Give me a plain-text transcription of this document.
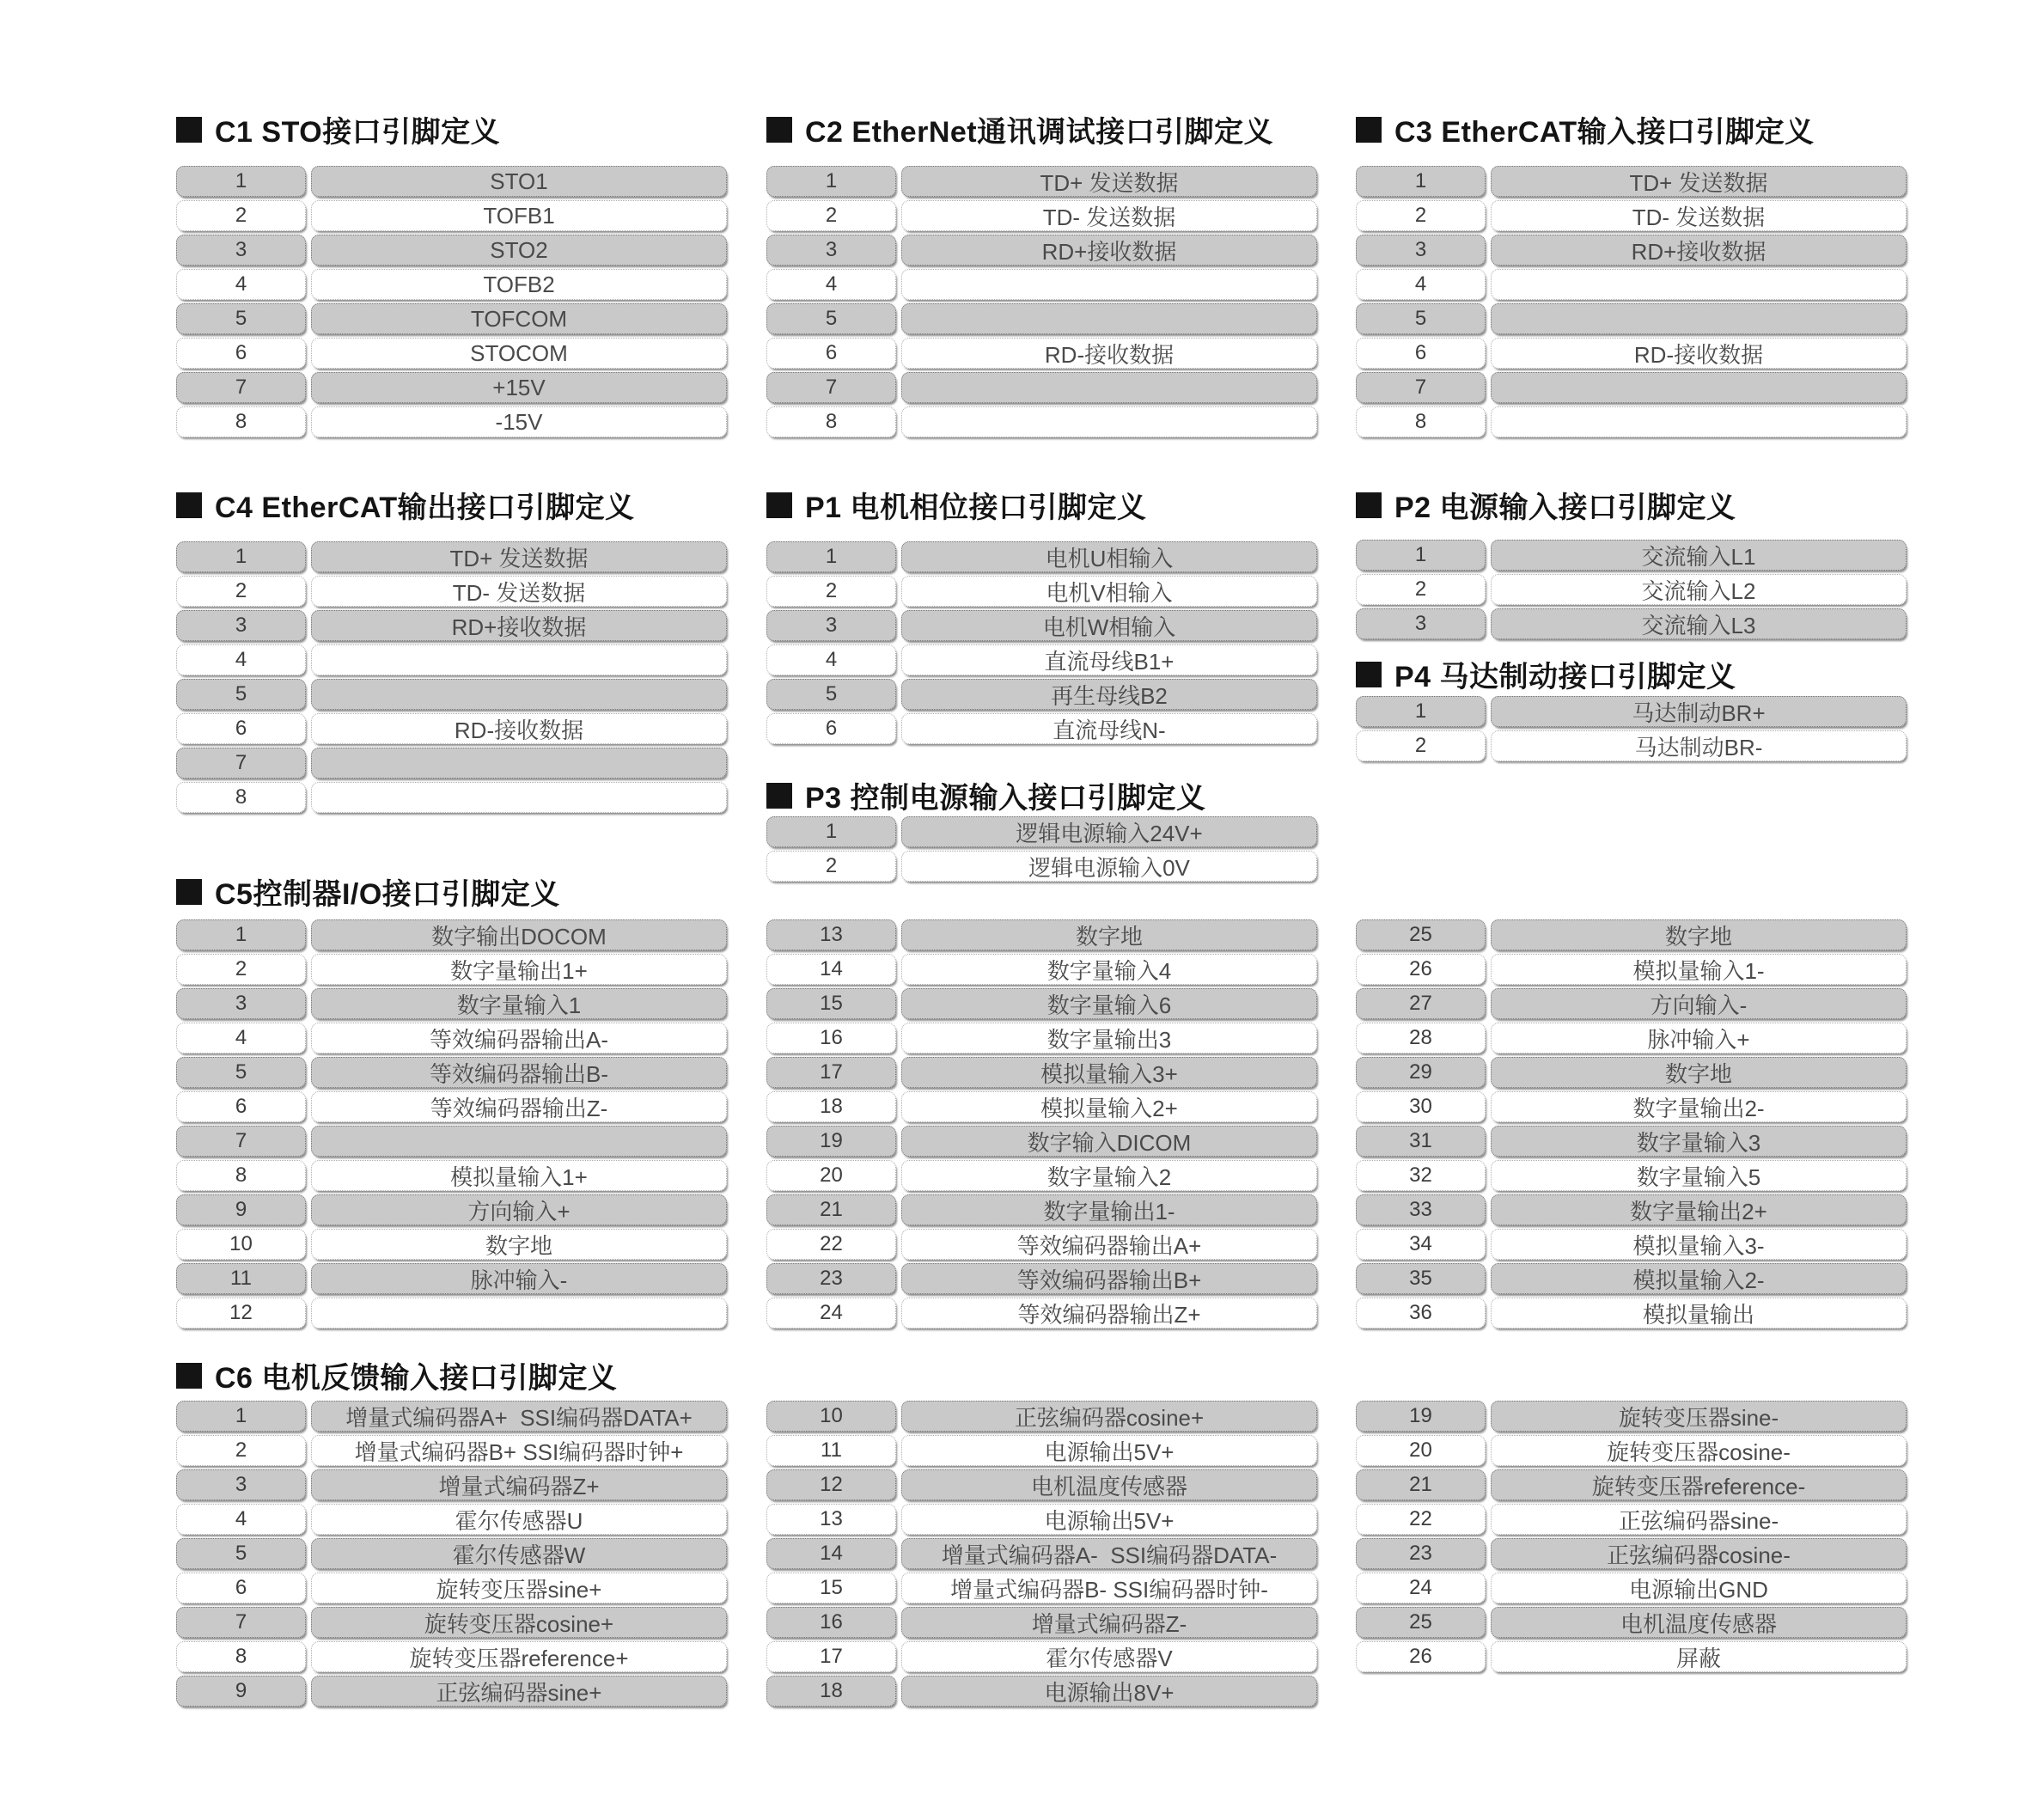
C1 STO接口引脚定义
1	STO1
2	TOFB1
3	STO2
4	TOFB2
5	TOFCOM
6	STOCOM
7	+15V
8	-15V
C2 EtherNet通讯调试接口引脚定义
1	TD+ 发送数据
2	TD- 发送数据
3	RD+接收数据
4
5
6	RD-接收数据
7
8
C3 EtherCAT输入接口引脚定义
1	TD+ 发送数据
2	TD- 发送数据
3	RD+接收数据
4
5
6	RD-接收数据
7
8
C4 EtherCAT输出接口引脚定义
1	TD+ 发送数据
2	TD- 发送数据
3	RD+接收数据
4
5
6	RD-接收数据
7
8
P1 电机相位接口引脚定义
1	电机U相输入
2	电机V相输入
3	电机W相输入
4	直流母线B1+
5	再生母线B2
6	直流母线N-
P2 电源输入接口引脚定义
1	交流输入L1
2	交流输入L2
3	交流输入L3
P4 马达制动接口引脚定义
1	马达制动BR+
2	马达制动BR-
P3 控制电源输入接口引脚定义
1	逻辑电源输入24V+
2	逻辑电源输入0V
C5控制器I/O接口引脚定义
1	数字输出DOCOM
2	数字量输出1+
3	数字量输入1
4	等效编码器输出A-
5	等效编码器输出B-
6	等效编码器输出Z-
7
8	模拟量输入1+
9	方向输入+
10	数字地
11	脉冲输入-
12
13	数字地
14	数字量输入4
15	数字量输入6
16	数字量输出3
17	模拟量输入3+
18	模拟量输入2+
19	数字输入DICOM
20	数字量输入2
21	数字量输出1-
22	等效编码器输出A+
23	等效编码器输出B+
24	等效编码器输出Z+
25	数字地
26	模拟量输入1-
27	方向输入-
28	脉冲输入+
29	数字地
30	数字量输出2-
31	数字量输入3
32	数字量输入5
33	数字量输出2+
34	模拟量输入3-
35	模拟量输入2-
36	模拟量输出
C6 电机反馈输入接口引脚定义
1	增量式编码器A+  SSI编码器DATA+
2	增量式编码器B+ SSI编码器时钟+
3	增量式编码器Z+
4	霍尔传感器U
5	霍尔传感器W
6	旋转变压器sine+
7	旋转变压器cosine+
8	旋转变压器reference+
9	正弦编码器sine+
10	正弦编码器cosine+
11	电源输出5V+
12	电机温度传感器
13	电源输出5V+
14	增量式编码器A-  SSI编码器DATA-
15	增量式编码器B- SSI编码器时钟-
16	增量式编码器Z-
17	霍尔传感器V
18	电源输出8V+
19	旋转变压器sine-
20	旋转变压器cosine-
21	旋转变压器reference-
22	正弦编码器sine-
23	正弦编码器cosine-
24	电源输出GND
25	电机温度传感器
26	屏蔽
